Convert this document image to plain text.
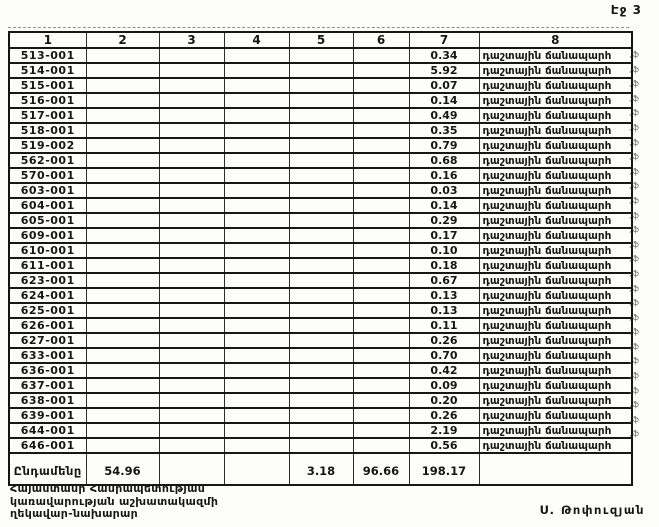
Էջ 3
1	2	3	4	5	6	7	8
513-001						0.34	դաշտային ճանապարհ
514-001						5.92	դաշտային ճանապարհ
515-001						0.07	դաշտային ճանապարհ
516-001						0.14	դաշտային ճանապարհ
517-001						0.49	դաշտային ճանապարհ
518-001						0.35	դաշտային ճանապարհ
519-002						0.79	դաշտային ճանապարհ
562-001						0.68	դաշտային ճանապարհ
570-001						0.16	դաշտային ճանապարհ
603-001						0.03	դաշտային ճանապարհ
604-001						0.14	դաշտային ճանապարհ
605-001						0.29	դաշտային ճանապարհ
609-001						0.17	դաշտային ճանապարհ
610-001						0.10	դաշտային ճանապարհ
611-001						0.18	դաշտային ճանապարհ
623-001						0.67	դաշտային ճանապարհ
624-001						0.13	դաշտային ճանապարհ
625-001						0.13	դաշտային ճանապարհ
626-001						0.11	դաշտային ճանապարհ
627-001						0.26	դաշտային ճանապարհ
633-001						0.70	դաշտային ճանապարհ
636-001						0.42	դաշտային ճանապարհ
637-001						0.09	դաշտային ճանապարհ
638-001						0.20	դաշտային ճանապարհ
639-001						0.26	դաշտային ճանապարհ
644-001						2.19	դաշտային ճանապարհ
646-001						0.56	դաշտային ճանապարհ
Ընդամենը	54.96			3.18	96.66	198.17	
,ֆ
,ֆ
,ֆ
,ֆ
,ֆ
,ֆ
,ֆ
,ֆ
,ֆ
,ֆ
,ֆ
,ֆ
,ֆ
,ֆ
,ֆ
,ֆ
,ֆ
,ֆ
,ֆ
,ֆ
,ֆ
,ֆ
,ֆ
,ֆ
,ֆ
,ֆ
,ֆ
Հայաստանի Հանրապետության
կառավարության աշխատակազմի
ղեկավար-նախարար	Ս. Թոփուզյան
